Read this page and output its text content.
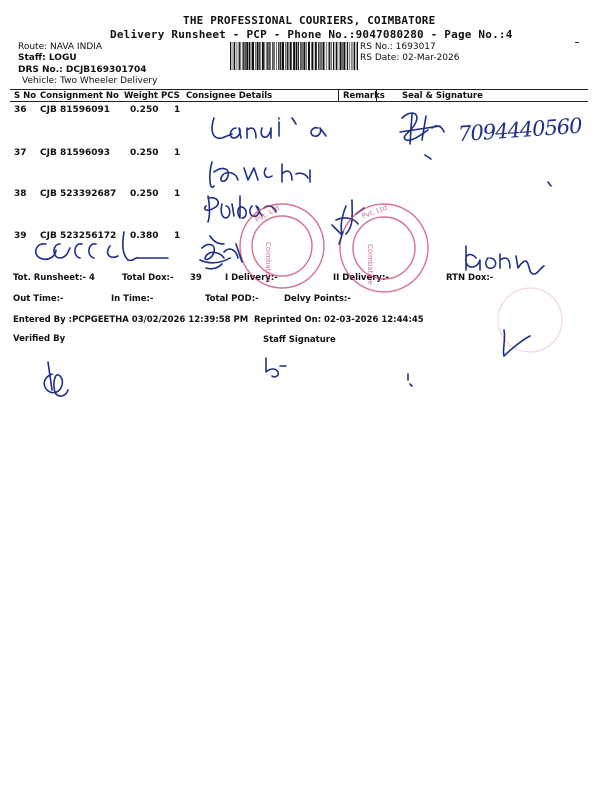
THE PROFESSIONAL COURIERS, COIMBATORE
Delivery Runsheet - PCP - Phone No.:9047080280 - Page No.:4
Route: NAVA INDIA
Staff: LOGU
DRS No.: DCJB169301704
Vehicle: Two Wheeler Delivery
RS No.: 1693017
RS Date: 02-Mar-2026
S No Consignment No Weight PCS Consignee Details	Remarks Seal & Signature
36 CJB 81596091 0.250 1
37 CJB 81596093 0.250 1
38 CJB 523392687 0.250 1
39 CJB 523256172 0.380 1
Tot. Runsheet:- 4	Total Dox:- 39	I Delivery:-	II Delivery:-	RTN Dox:-
Out Time:-	In Time:-	Total POD:-	Delvy Points:-
Entered By :PCPGEETHA 03/02/2026 12:39:58 PM Reprinted On: 02-03-2026 12:44:45
Verified By	Staff Signature
7094440560
Pvt. Ltd
Coimbatore
Pvt. Ltd
Coimbatore
